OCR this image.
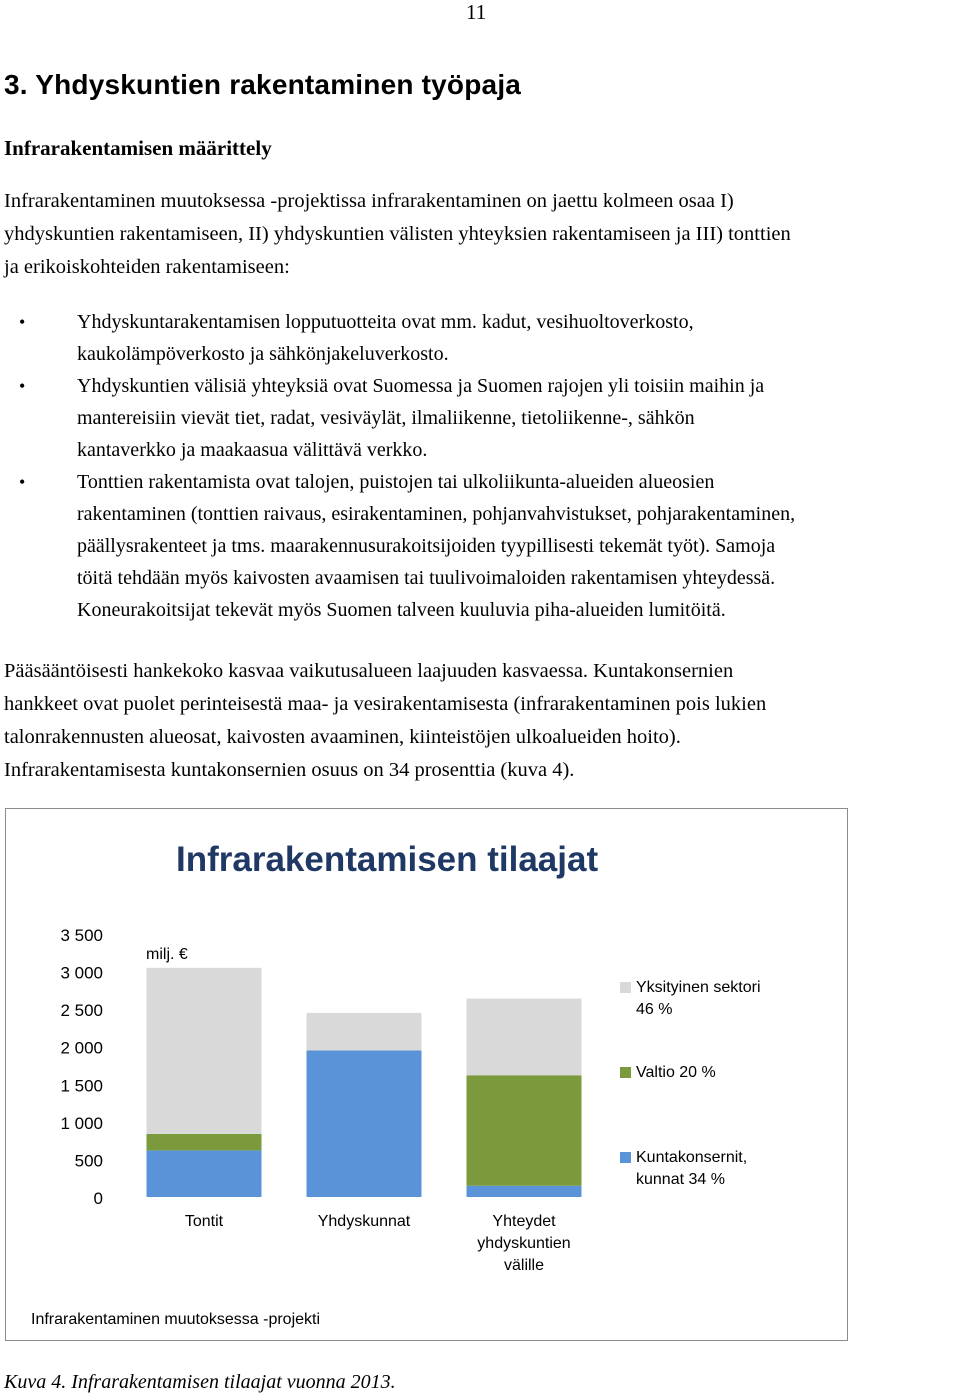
11
3. Yhdyskuntien rakentaminen työpaja
Infrarakentamisen määrittely

Infrarakentaminen muutoksessa -projektissa infrarakentaminen on jaettu kolmeen osaa I)
yhdyskuntien rakentamiseen, II) yhdyskuntien välisten yhteyksien rakentamiseen ja III) tonttien
ja erikoiskohteiden rakentamiseen:

•	Yhdyskuntarakentamisen lopputuotteita ovat mm. kadut, vesihuoltoverkosto,
kaukolämpöverkosto ja sähkönjakeluverkosto.
•	Yhdyskuntien välisiä yhteyksiä ovat Suomessa ja Suomen rajojen yli toisiin maihin ja
mantereisiin vievät tiet, radat, vesiväylät, ilmaliikenne, tietoliikenne-, sähkön
kantaverkko ja maakaasua välittävä verkko.
•	Tonttien rakentamista ovat talojen, puistojen tai ulkoliikunta-alueiden alueosien
rakentaminen (tonttien raivaus, esirakentaminen, pohjanvahvistukset, pohjarakentaminen,
päällysrakenteet ja tms. maarakennusurakoitsijoiden tyypillisesti tekemät työt). Samoja
töitä tehdään myös kaivosten avaamisen tai tuulivoimaloiden rakentamisen yhteydessä.
Koneurakoitsijat tekevät myös Suomen talveen kuuluvia piha-alueiden lumitöitä.

Pääsääntöisesti hankekoko kasvaa vaikutusalueen laajuuden kasvaessa. Kuntakonsernien
hankkeet ovat puolet perinteisestä maa- ja vesirakentamisesta (infrarakentaminen pois lukien
talonrakennusten alueosat, kaivosten avaaminen, kiinteistöjen ulkoalueiden hoito).
Infrarakentamisesta kuntakonsernien osuus on 34 prosenttia (kuva 4).

Infrarakentamisen tilaajat
0
500
1 000
1 500
2 000
2 500
3 000
3 500
milj. €
Tontit	Yhdyskunnat	Yhteydet
yhdyskuntien
välille
Yksityinen sektori
46 %
Valtio 20 %
Kuntakonsernit,
kunnat 34 %
Infrarakentaminen muutoksessa -projekti
Kuva 4. Infrarakentamisen tilaajat vuonna 2013.
